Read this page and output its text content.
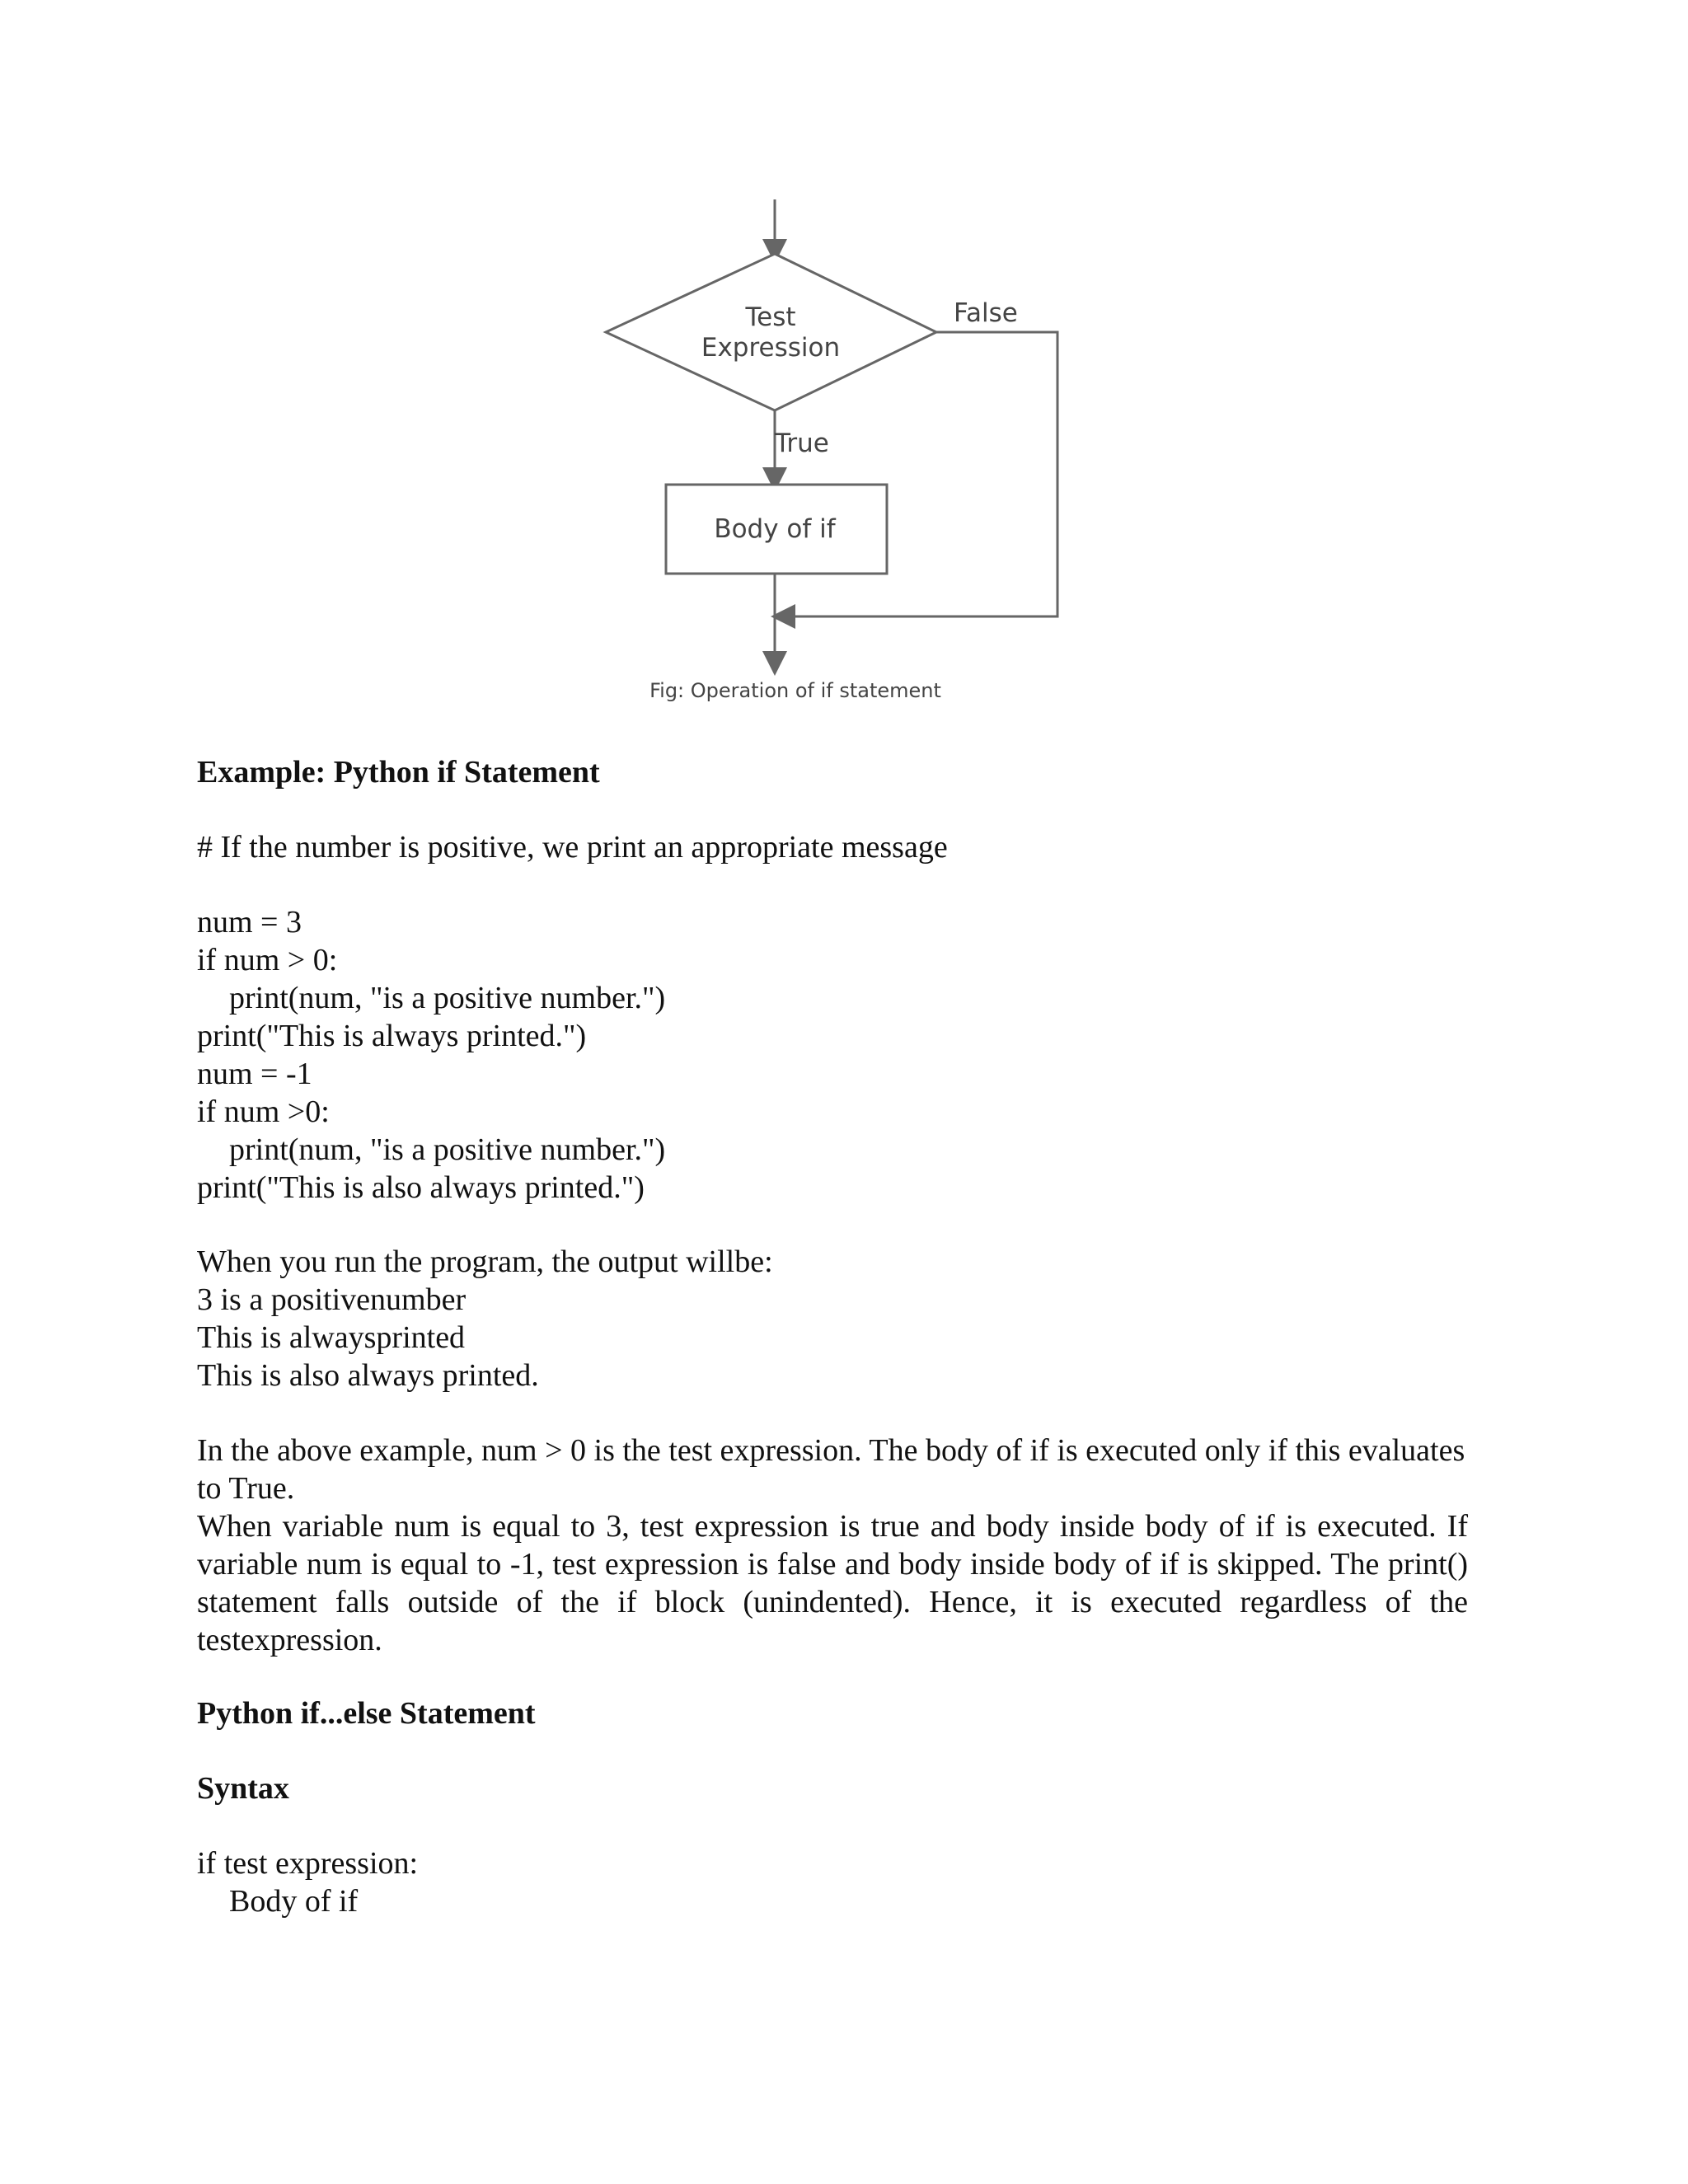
Test
Expression
False
True
Body of if
Fig: Operation of if statement

Example: Python if Statement

# If the number is positive, we print an appropriate message

num = 3

if num > 0:

print(num, "is a positive number.")

print("This is always printed.")

num = -1

if num >0:

print(num, "is a positive number.")

print("This is also always printed.")

When you run the program, the output willbe:

3 is a positivenumber

This is alwaysprinted

This is also always printed.

In the above example, num > 0 is the test expression. The body of if is executed only if this evaluates to True.

When variable num is equal to 3, test expression is true and body inside body of if is executed. If variable num is equal to -1, test expression is false and body inside body of if is skipped. The print() statement falls outside of the if block (unindented). Hence, it is executed regardless of the testexpression.

Python if...else Statement

Syntax

if test expression:

Body of if
